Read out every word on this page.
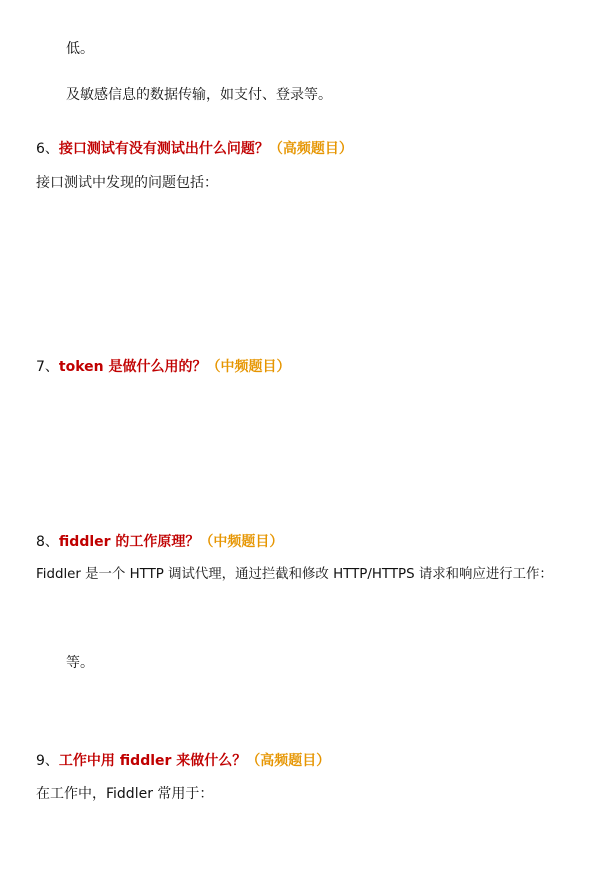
低。
及敏感信息的数据传输，如支付、登录等。
6、接口测试有没有测试出什么问题？（高频题目）
接口测试中发现的问题包括：
7、token 是做什么用的？（中频题目）
8、fiddler 的工作原理？（中频题目）
Fiddler 是一个 HTTP 调试代理，通过拦截和修改 HTTP/HTTPS 请求和响应进行工作：
等。
9、工作中用 fiddler 来做什么？（高频题目）
在工作中，Fiddler 常用于：
